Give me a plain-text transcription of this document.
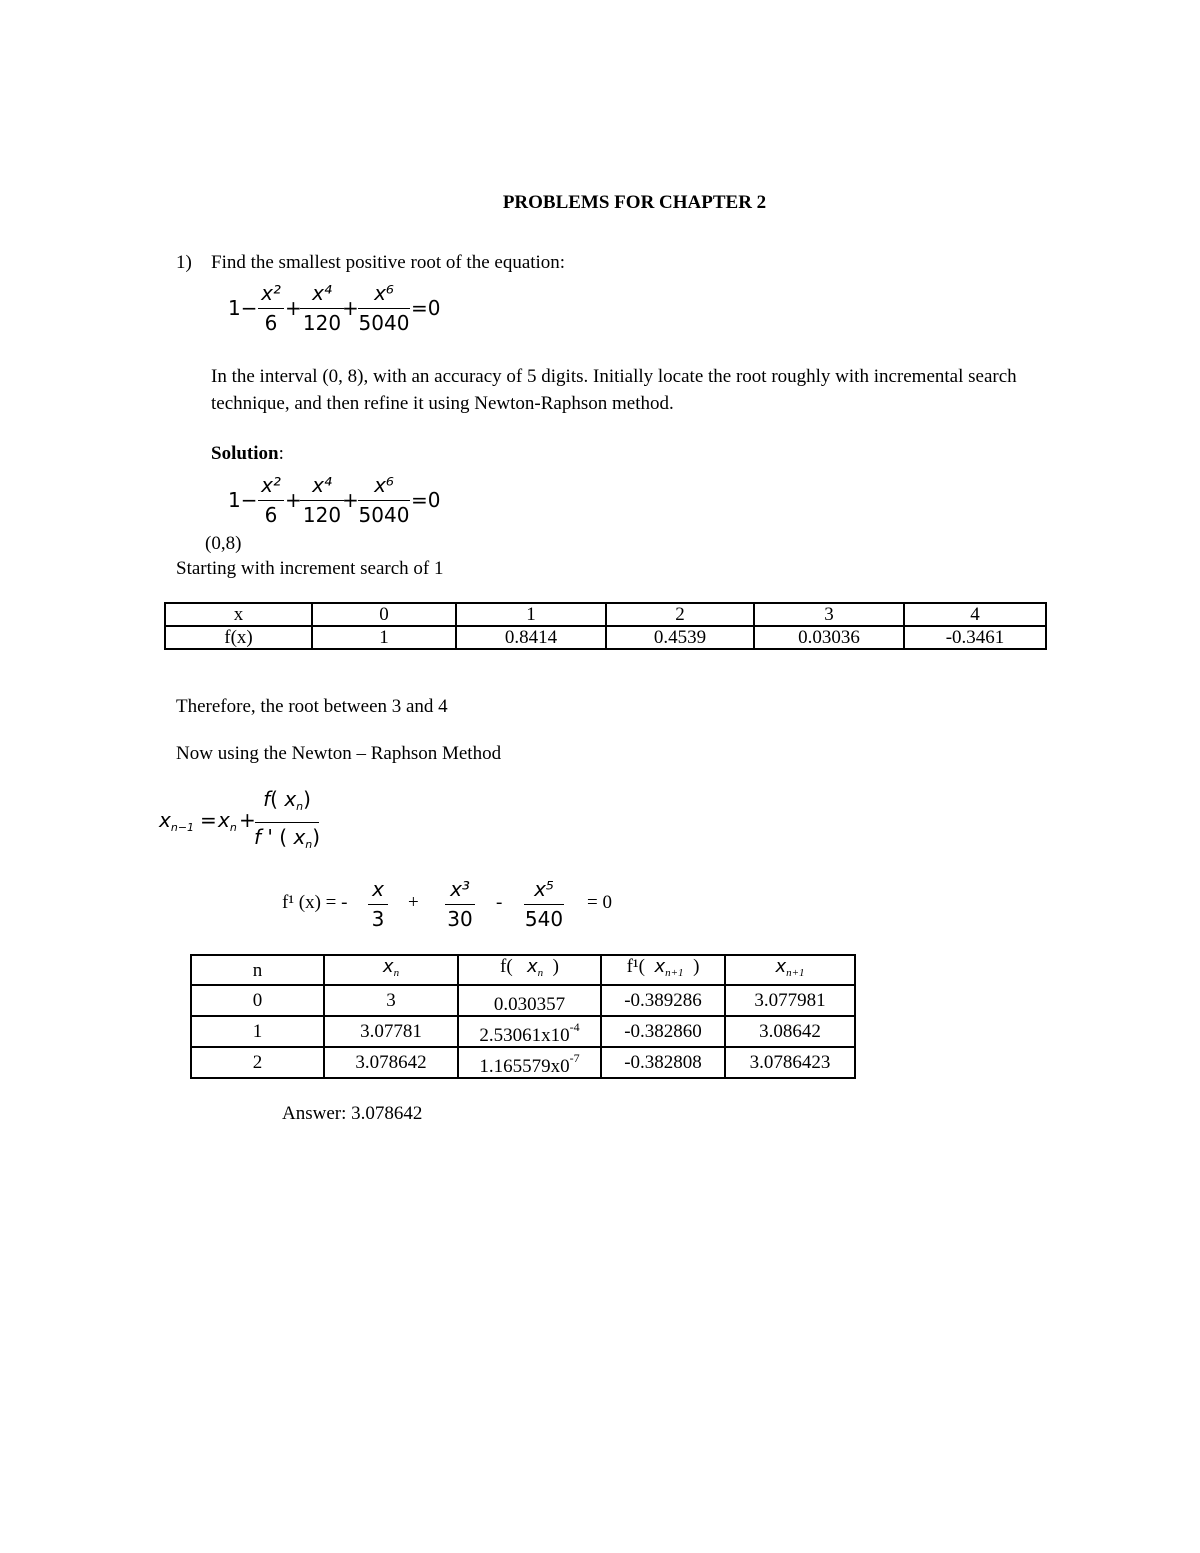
PROBLEMS FOR CHAPTER 2
1) Find the smallest positive root of the equation:
1−
x²
6
+
x⁴
120
+
x⁶
5040
=0
In the interval (0, 8), with an accuracy of 5 digits. Initially locate the root roughly with incremental search
technique, and then refine it using Newton-Raphson method.
Solution:
1−
x²
6
+
x⁴
120
+
x⁶
5040
=0
(0,8)
Starting with increment search of 1
x	0	1	2	3	4
f(x)	1	0.8414	0.4539	0.03036	-0.3461
Therefore, the root between 3 and 4
Now using the Newton – Raphson Method
$x_{n-1} = x_n$ +
f( $x_n$)
f ' ( $x_n$)
f¹ (x) = -
x
3
x³
30
x⁵
540
+	-	= 0
n	$x_n$	f( $x_n$ )	f¹( $x_{n+1}$ )	$x_{n+1}$
0	3	0.030357	-0.389286	3.077981
1	3.07781	$2.53061x10^{-4}$	-0.382860	3.08642
2	3.078642	$1.165579x0^{-7}$	-0.382808	3.0786423
Answer: 3.078642
